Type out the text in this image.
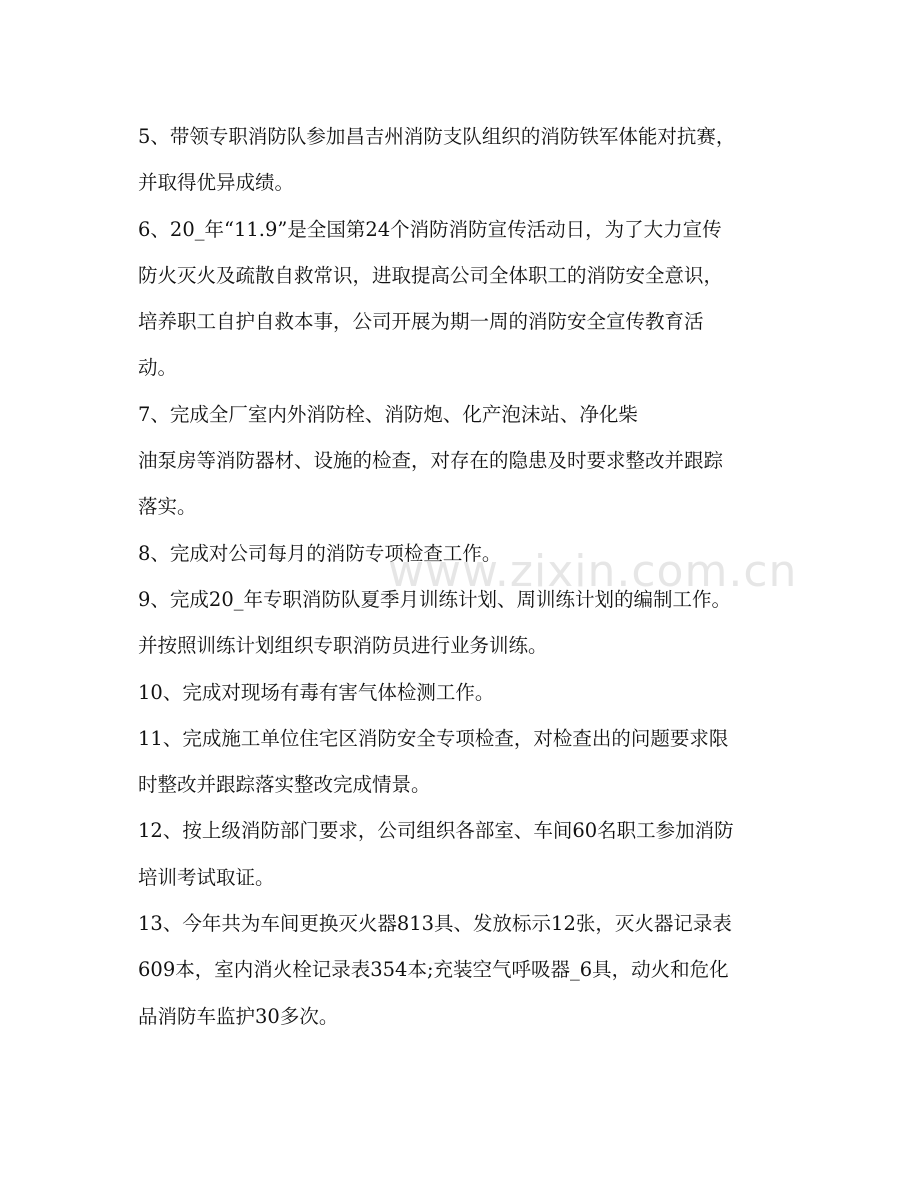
5、带领专职消防队参加昌吉州消防支队组织的消防铁军体能对抗赛，
并取得优异成绩。
6、20_年“11.9”是全国第24个消防消防宣传活动日，为了大力宣传
防火灭火及疏散自救常识，进取提高公司全体职工的消防安全意识，
培养职工自护自救本事，公司开展为期一周的消防安全宣传教育活
动。
7、完成全厂室内外消防栓、消防炮、化产泡沫站、净化柴
油泵房等消防器材、设施的检查，对存在的隐患及时要求整改并跟踪
落实。
8、完成对公司每月的消防专项检查工作。
9、完成20_年专职消防队夏季月训练计划、周训练计划的编制工作。
并按照训练计划组织专职消防员进行业务训练。
10、完成对现场有毒有害气体检测工作。
11、完成施工单位住宅区消防安全专项检查，对检查出的问题要求限
时整改并跟踪落实整改完成情景。
12、按上级消防部门要求，公司组织各部室、车间60名职工参加消防
培训考试取证。
13、今年共为车间更换灭火器813具、发放标示12张，灭火器记录表
609本，室内消火栓记录表354本;充装空气呼吸器_6具，动火和危化
品消防车监护30多次。
www.zixin.com.cn
